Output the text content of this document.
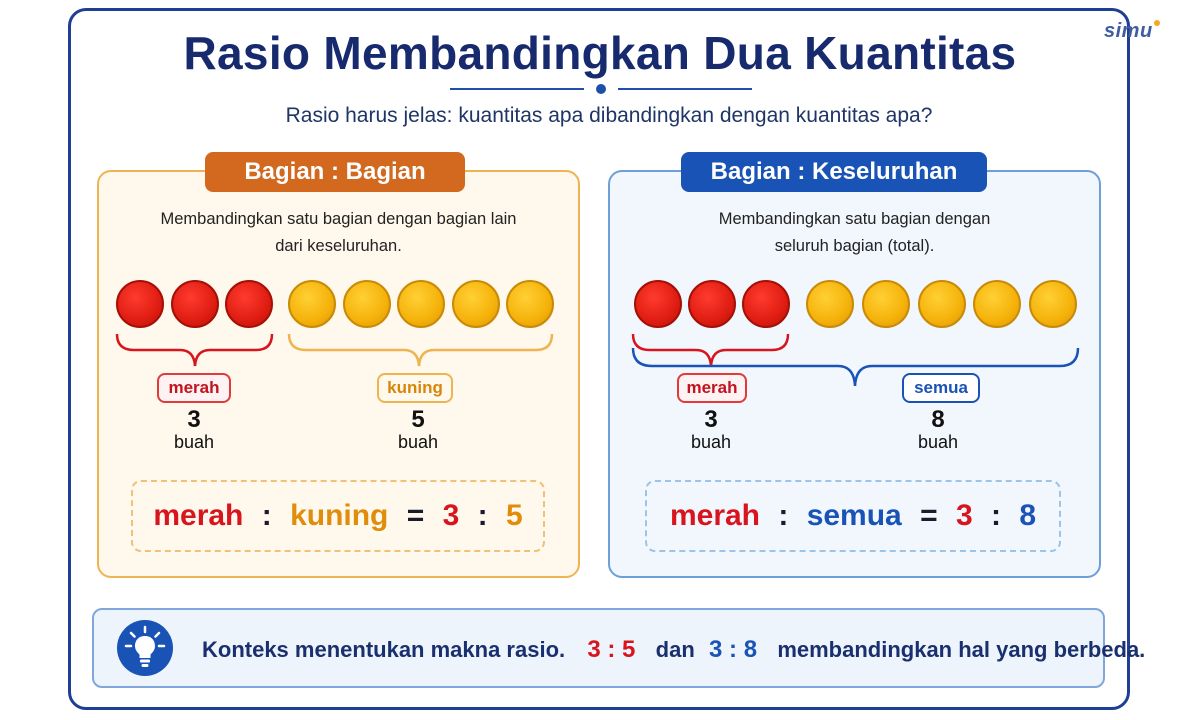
simu
Rasio Membandingkan Dua Kuantitas
Rasio harus jelas: kuantitas apa dibandingkan dengan kuantitas apa?
Bagian : Bagian
Membandingkan satu bagian dengan bagian lain
dari keseluruhan.
merah
3
buah
kuning
5
buah
merah : kuning = 3 : 5
Bagian : Keseluruhan
Membandingkan satu bagian dengan
seluruh bagian (total).
merah
3
buah
semua
8
buah
merah : semua = 3 : 8
Konteks menentukan makna rasio. 3 : 5 dan 3 : 8 membandingkan hal yang berbeda.
